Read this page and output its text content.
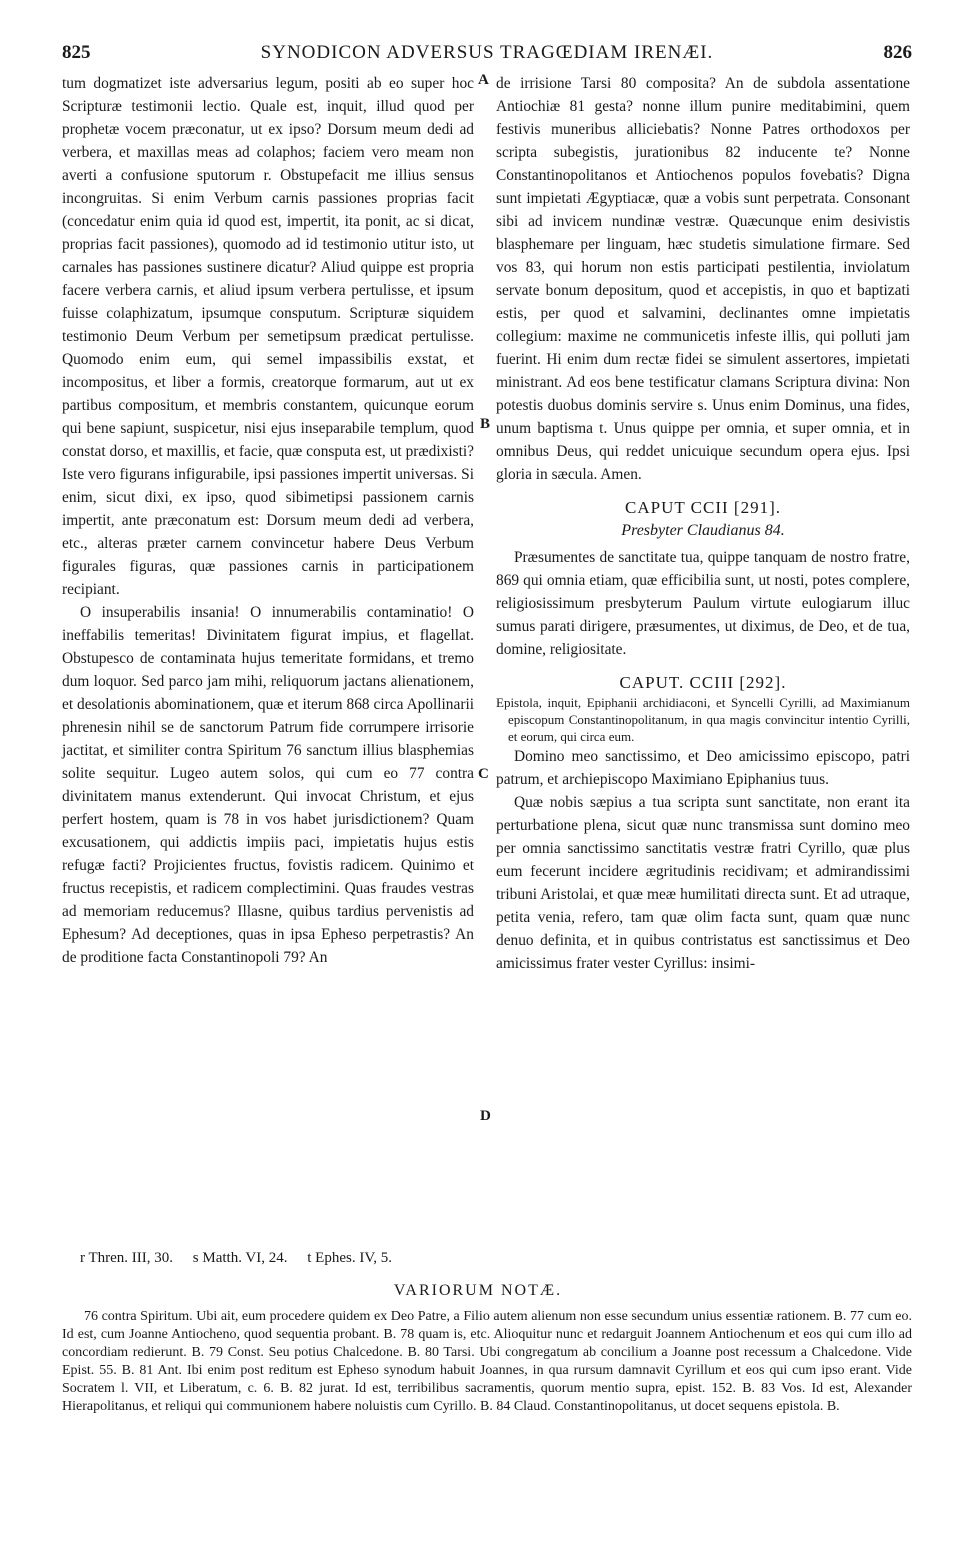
825	SYNODICON ADVERSUS TRAGŒDIAM IRENÆI.	826
A
B
C
D

tum dogmatizet iste adversarius legum, positi ab eo super hoc Scripturæ testimonii lectio. Quale est, inquit, illud quod per prophetæ vocem præconatur, ut ex ipso? Dorsum meum dedi ad verbera, et maxillas meas ad colaphos; faciem vero meam non averti a confusione sputorum r. Obstupefacit me illius sensus incongruitas. Si enim Verbum carnis passiones proprias facit (concedatur enim quia id quod est, impertit, ita ponit, ac si dicat, proprias facit passiones), quomodo ad id testimonio utitur isto, ut carnales has passiones sustinere dicatur? Aliud quippe est propria facere verbera carnis, et aliud ipsum verbera pertulisse, et ipsum fuisse colaphizatum, ipsumque consputum. Scripturæ siquidem testimonio Deum Verbum per semetipsum prædicat pertulisse. Quomodo enim eum, qui semel impassibilis exstat, et incompositus, et liber a formis, creatorque formarum, aut ut ex partibus compositum, et membris constantem, quicunque eorum qui bene sapiunt, suspicetur, nisi ejus inseparabile templum, quod constat dorso, et maxillis, et facie, quæ consputa est, ut prædixisti? Iste vero figurans infigurabile, ipsi passiones impertit universas. Si enim, sicut dixi, ex ipso, quod sibimetipsi passionem carnis impertit, ante præconatum est: Dorsum meum dedi ad verbera, etc., alteras præter carnem convincetur habere Deus Verbum figurales figuras, quæ passiones carnis in participationem recipiant.

O insuperabilis insania! O innumerabilis contaminatio! O ineffabilis temeritas! Divinitatem figurat impius, et flagellat. Obstupesco de contaminata hujus temeritate formidans, et tremo dum loquor. Sed parco jam mihi, reliquorum jactans alienationem, et desolationis abominationem, quæ et iterum 868 circa Apollinarii phrenesin nihil se de sanctorum Patrum fide corrumpere irrisorie jactitat, et similiter contra Spiritum 76 sanctum illius blasphemias solite sequitur. Lugeo autem solos, qui cum eo 77 contra divinitatem manus extenderunt. Qui invocat Christum, et ejus perfert hostem, quam is 78 in vos habet jurisdictionem? Quam excusationem, qui addictis impiis paci, impietatis hujus estis refugæ facti? Projicientes fructus, fovistis radicem. Quinimo et fructus recepistis, et radicem complectimini. Quas fraudes vestras ad memoriam reducemus? Illasne, quibus tardius pervenistis ad Ephesum? Ad deceptiones, quas in ipsa Epheso perpetrastis? An de proditione facta Constantinopoli 79? An

de irrisione Tarsi 80 composita? An de subdola assentatione Antiochiæ 81 gesta? nonne illum punire meditabimini, quem festivis muneribus alliciebatis? Nonne Patres orthodoxos per scripta subegistis, jurationibus 82 inducente te? Nonne Constantinopolitanos et Antiochenos populos fovebatis? Digna sunt impietati Ægyptiacæ, quæ a vobis sunt perpetrata. Consonant sibi ad invicem nundinæ vestræ. Quæcunque enim desivistis blasphemare per linguam, hæc studetis simulatione firmare. Sed vos 83, qui horum non estis participati pestilentia, inviolatum servate bonum depositum, quod et accepistis, in quo et baptizati estis, per quod et salvamini, declinantes omne impietatis collegium: maxime ne communicetis infeste illis, qui polluti jam fuerint. Hi enim dum rectæ fidei se simulent assertores, impietati ministrant. Ad eos bene testificatur clamans Scriptura divina: Non potestis duobus dominis servire s. Unus enim Dominus, una fides, unum baptisma t. Unus quippe per omnia, et super omnia, et in omnibus Deus, qui reddet unicuique secundum opera ejus. Ipsi gloria in sæcula. Amen.

CAPUT CCII [291].
Presbyter Claudianus 84.

Præsumentes de sanctitate tua, quippe tanquam de nostro fratre, 869 qui omnia etiam, quæ efficibilia sunt, ut nosti, potes complere, religiosissimum presbyterum Paulum virtute eulogiarum illuc sumus parati dirigere, præsumentes, ut diximus, de Deo, et de tua, domine, religiositate.

CAPUT. CCIII [292].

Epistola, inquit, Epiphanii archidiaconi, et Syncelli Cyrilli, ad Maximianum episcopum Constantinopolitanum, in qua magis convincitur intentio Cyrilli, et eorum, qui circa eum.

Domino meo sanctissimo, et Deo amicissimo episcopo, patri patrum, et archiepiscopo Maximiano Epiphanius tuus.

Quæ nobis sæpius a tua scripta sunt sanctitate, non erant ita perturbatione plena, sicut quæ nunc transmissa sunt domino meo per omnia sanctissimo sanctitatis vestræ fratri Cyrillo, quæ plus eum fecerunt incidere ægritudinis recidivam; et admirandissimi tribuni Aristolai, et quæ meæ humilitati directa sunt. Et ad utraque, petita venia, refero, tam quæ olim facta sunt, quam quæ nunc denuo definita, et in quibus contristatus est sanctissimus et Deo amicissimus frater vester Cyrillus: insimi-

r Thren. III, 30. s Matth. VI, 24. t Ephes. IV, 5.
VARIORUM NOTÆ.

76 contra Spiritum. Ubi ait, eum procedere quidem ex Deo Patre, a Filio autem alienum non esse secundum unius essentiæ rationem. B. 77 cum eo. Id est, cum Joanne Antiocheno, quod sequentia probant. B. 78 quam is, etc. Alioquitur nunc et redarguit Joannem Antiochenum et eos qui cum illo ad concordiam redierunt. B. 79 Const. Seu potius Chalcedone. B. 80 Tarsi. Ubi congregatum ab concilium a Joanne post recessum a Chalcedone. Vide Epist. 55. B. 81 Ant. Ibi enim post reditum est Epheso synodum habuit Joannes, in qua rursum damnavit Cyrillum et eos qui cum ipso erant. Vide Socratem l. VII, et Liberatum, c. 6. B. 82 jurat. Id est, terribilibus sacramentis, quorum mentio supra, epist. 152. B. 83 Vos. Id est, Alexander Hierapolitanus, et reliqui qui communionem habere noluistis cum Cyrillo. B. 84 Claud. Constantinopolitanus, ut docet sequens epistola. B.
